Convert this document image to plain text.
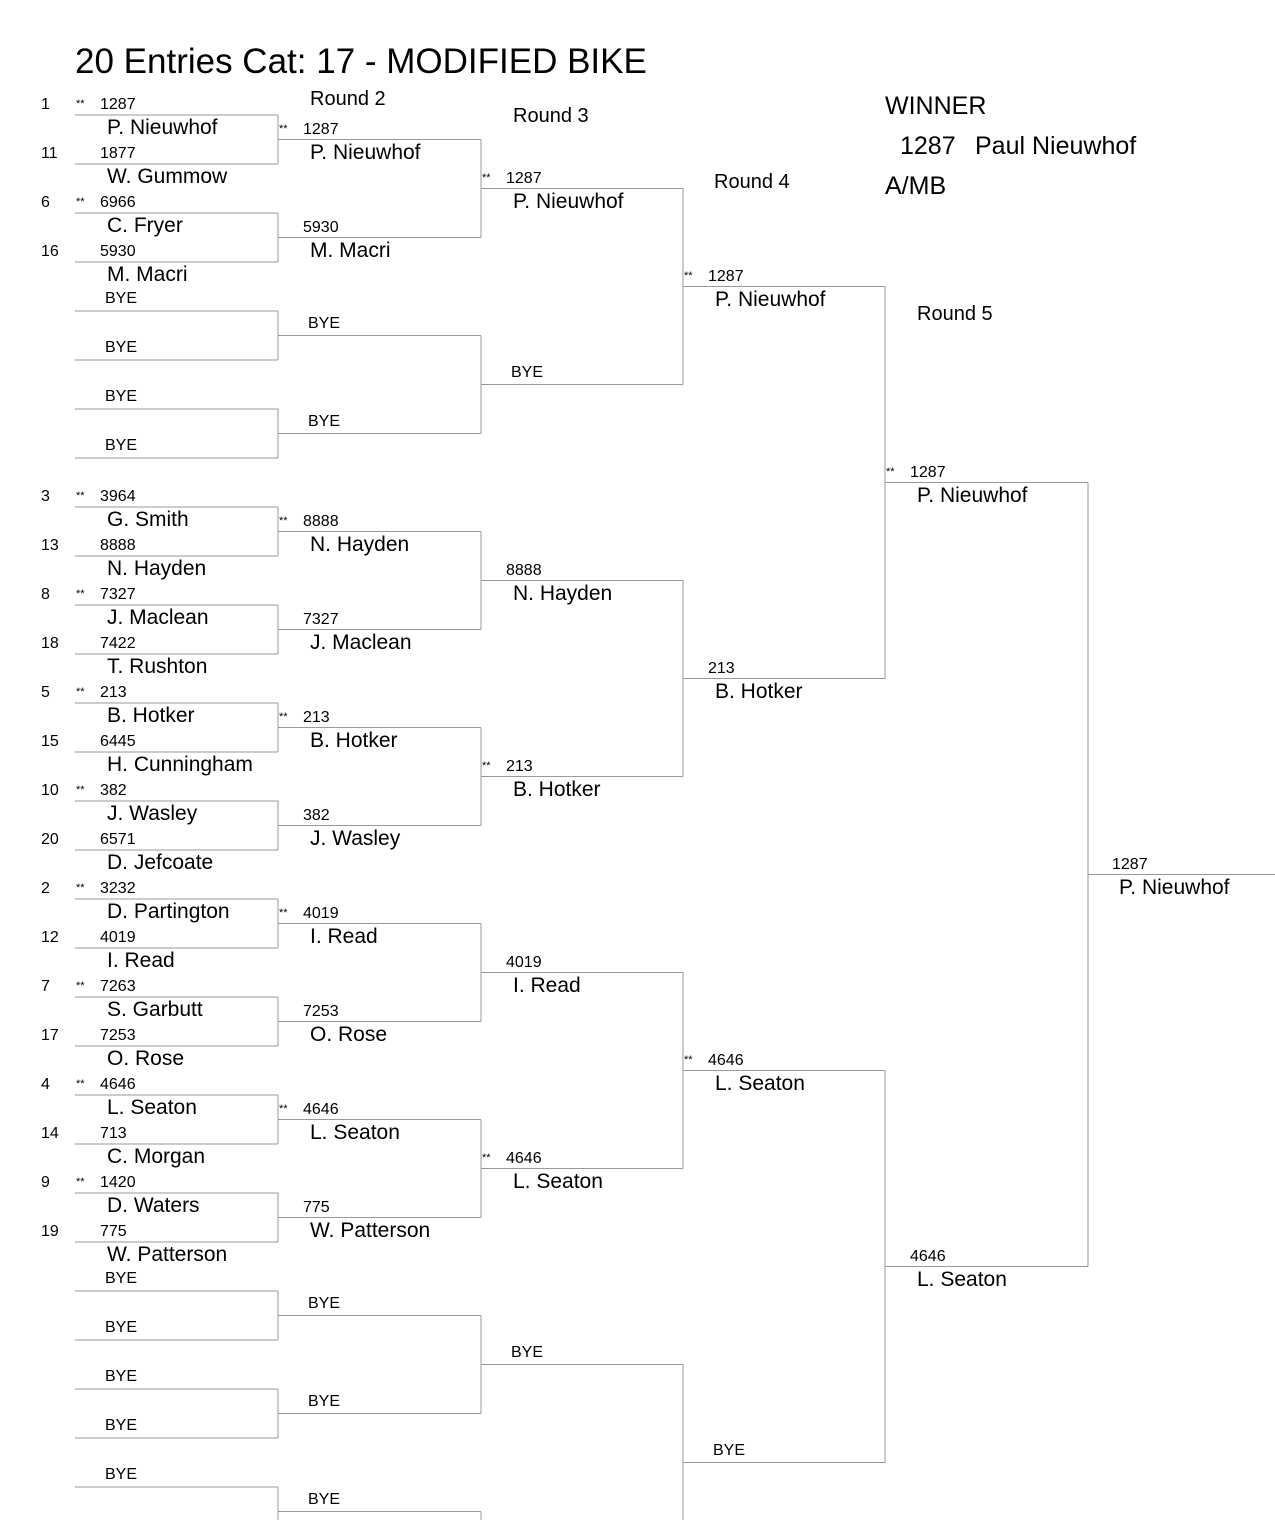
20 Entries Cat: 17 - MODIFIED BIKE
Round 2
Round 3
Round 4
Round 5
WINNER
1287 Paul Nieuwhof
A/MB
1 ** 1287
P. Nieuwhof
11	1877
W. Gummow
6 ** 6966
C. Fryer
16	5930
M. Macri
BYE
BYE
BYE
BYE
3 ** 3964
G. Smith
13	8888
N. Hayden
8 ** 7327
J. Maclean
18	7422
T. Rushton
5 ** 213
B. Hotker
15	6445
H. Cunningham
10 ** 382
J. Wasley
20	6571
D. Jefcoate
2 ** 3232
D. Partington
12	4019
I. Read
7 ** 7263
S. Garbutt
17	7253
O. Rose
4 ** 4646
L. Seaton
14	713
C. Morgan
9 ** 1420
D. Waters
19	775
W. Patterson
BYE
BYE
BYE
BYE
BYE
** 1287
P. Nieuwhof
5930
M. Macri
BYE
BYE
** 8888
N. Hayden
7327
J. Maclean
** 213
B. Hotker
382
J. Wasley
** 4019
I. Read
7253
O. Rose
** 4646
L. Seaton
775
W. Patterson
BYE
BYE
BYE
** 1287
P. Nieuwhof
BYE
8888
N. Hayden
** 213
B. Hotker
4019
I. Read
** 4646
L. Seaton
BYE
** 1287
P. Nieuwhof
213
B. Hotker
** 4646
L. Seaton
BYE
** 1287
P. Nieuwhof
4646
L. Seaton
1287
P. Nieuwhof
